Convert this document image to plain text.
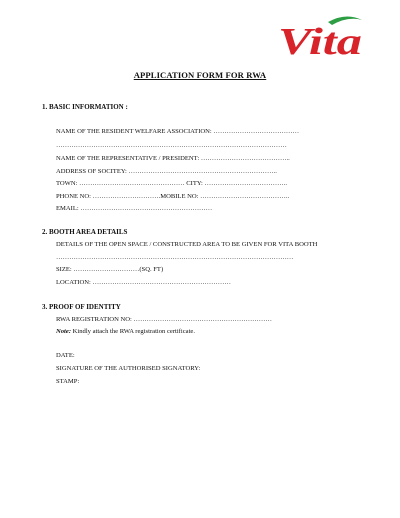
Vita
APPLICATION FORM FOR RWA
1. BASIC INFORMATION :
NAME OF THE RESIDENT WELFARE ASSOCIATION: …………………………………
……………………………………………………………………………………………
NAME OF THE REPRESENTATIVE / PRESIDENT: …………………………………..
ADDRESS OF SOCITEY: …………………………………………………………..
TOWN: ………………………………………… CITY: ………………………………..
PHONE NO: ………………………….MOBILE NO: …………………………………..
EMAIL: ……………………………………………………
2. BOOTH AREA DETAILS
DETAILS OF THE OPEN SPACE / CONSTRUCTED AREA TO BE GIVEN FOR VITA BOOTH
………………………………………………………………………………………………
SIZE: …………………………(SQ. FT)
LOCATION: ………………………………………………………
3. PROOF OF IDENTITY
RWA REGISTRATION NO: ………………………………………………………
Note: Kindly attach the RWA registration certificate.
DATE:
SIGNATURE OF THE AUTHORISED SIGNATORY:
STAMP:
